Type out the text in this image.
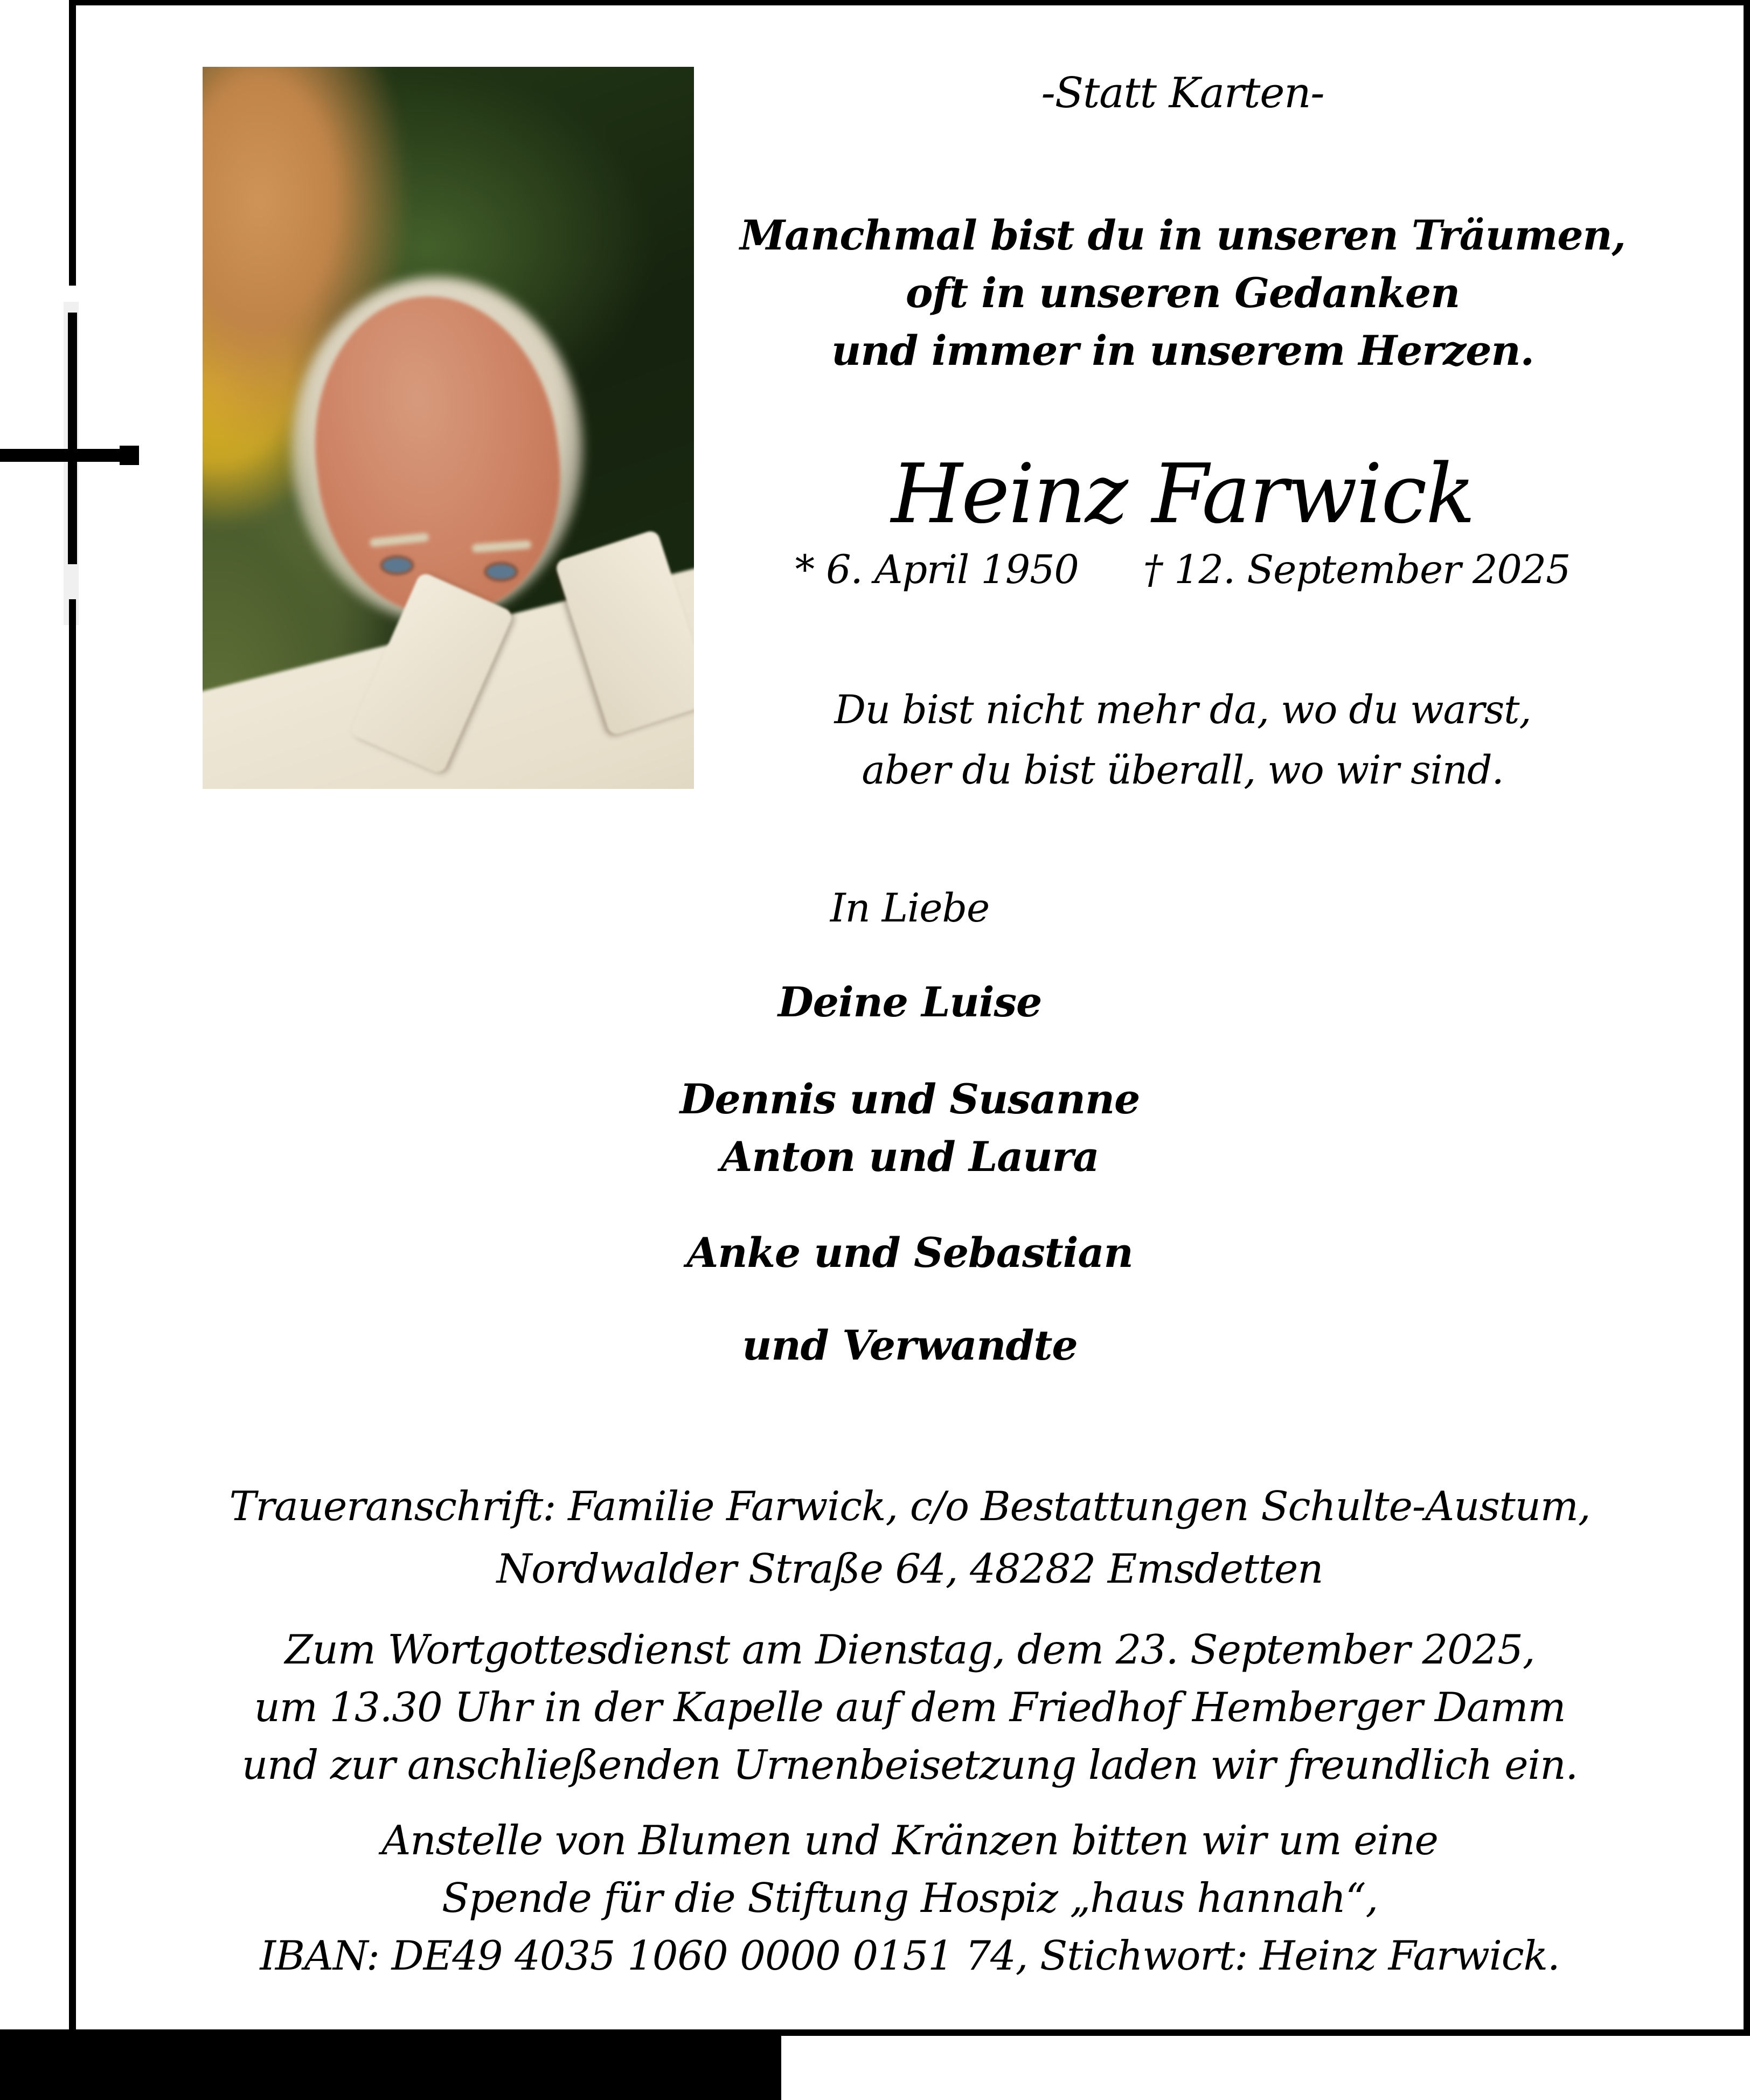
-Statt Karten-
Manchmal bist du in unseren Träumen,
oft in unseren Gedanken
und immer in unserem Herzen.
Heinz Farwick
* 6. April 1950 † 12. September 2025
Du bist nicht mehr da, wo du warst,
aber du bist überall, wo wir sind.
In Liebe
Deine Luise
Dennis und Susanne
Anton und Laura
Anke und Sebastian
und Verwandte
Traueranschrift: Familie Farwick, c/o Bestattungen Schulte-Austum,
Nordwalder Straße 64, 48282 Emsdetten
Zum Wortgottesdienst am Dienstag, dem 23. September 2025,
um 13.30 Uhr in der Kapelle auf dem Friedhof Hemberger Damm
und zur anschließenden Urnenbeisetzung laden wir freundlich ein.
Anstelle von Blumen und Kränzen bitten wir um eine
Spende für die Stiftung Hospiz „haus hannah“,
IBAN: DE49 4035 1060 0000 0151 74, Stichwort: Heinz Farwick.
